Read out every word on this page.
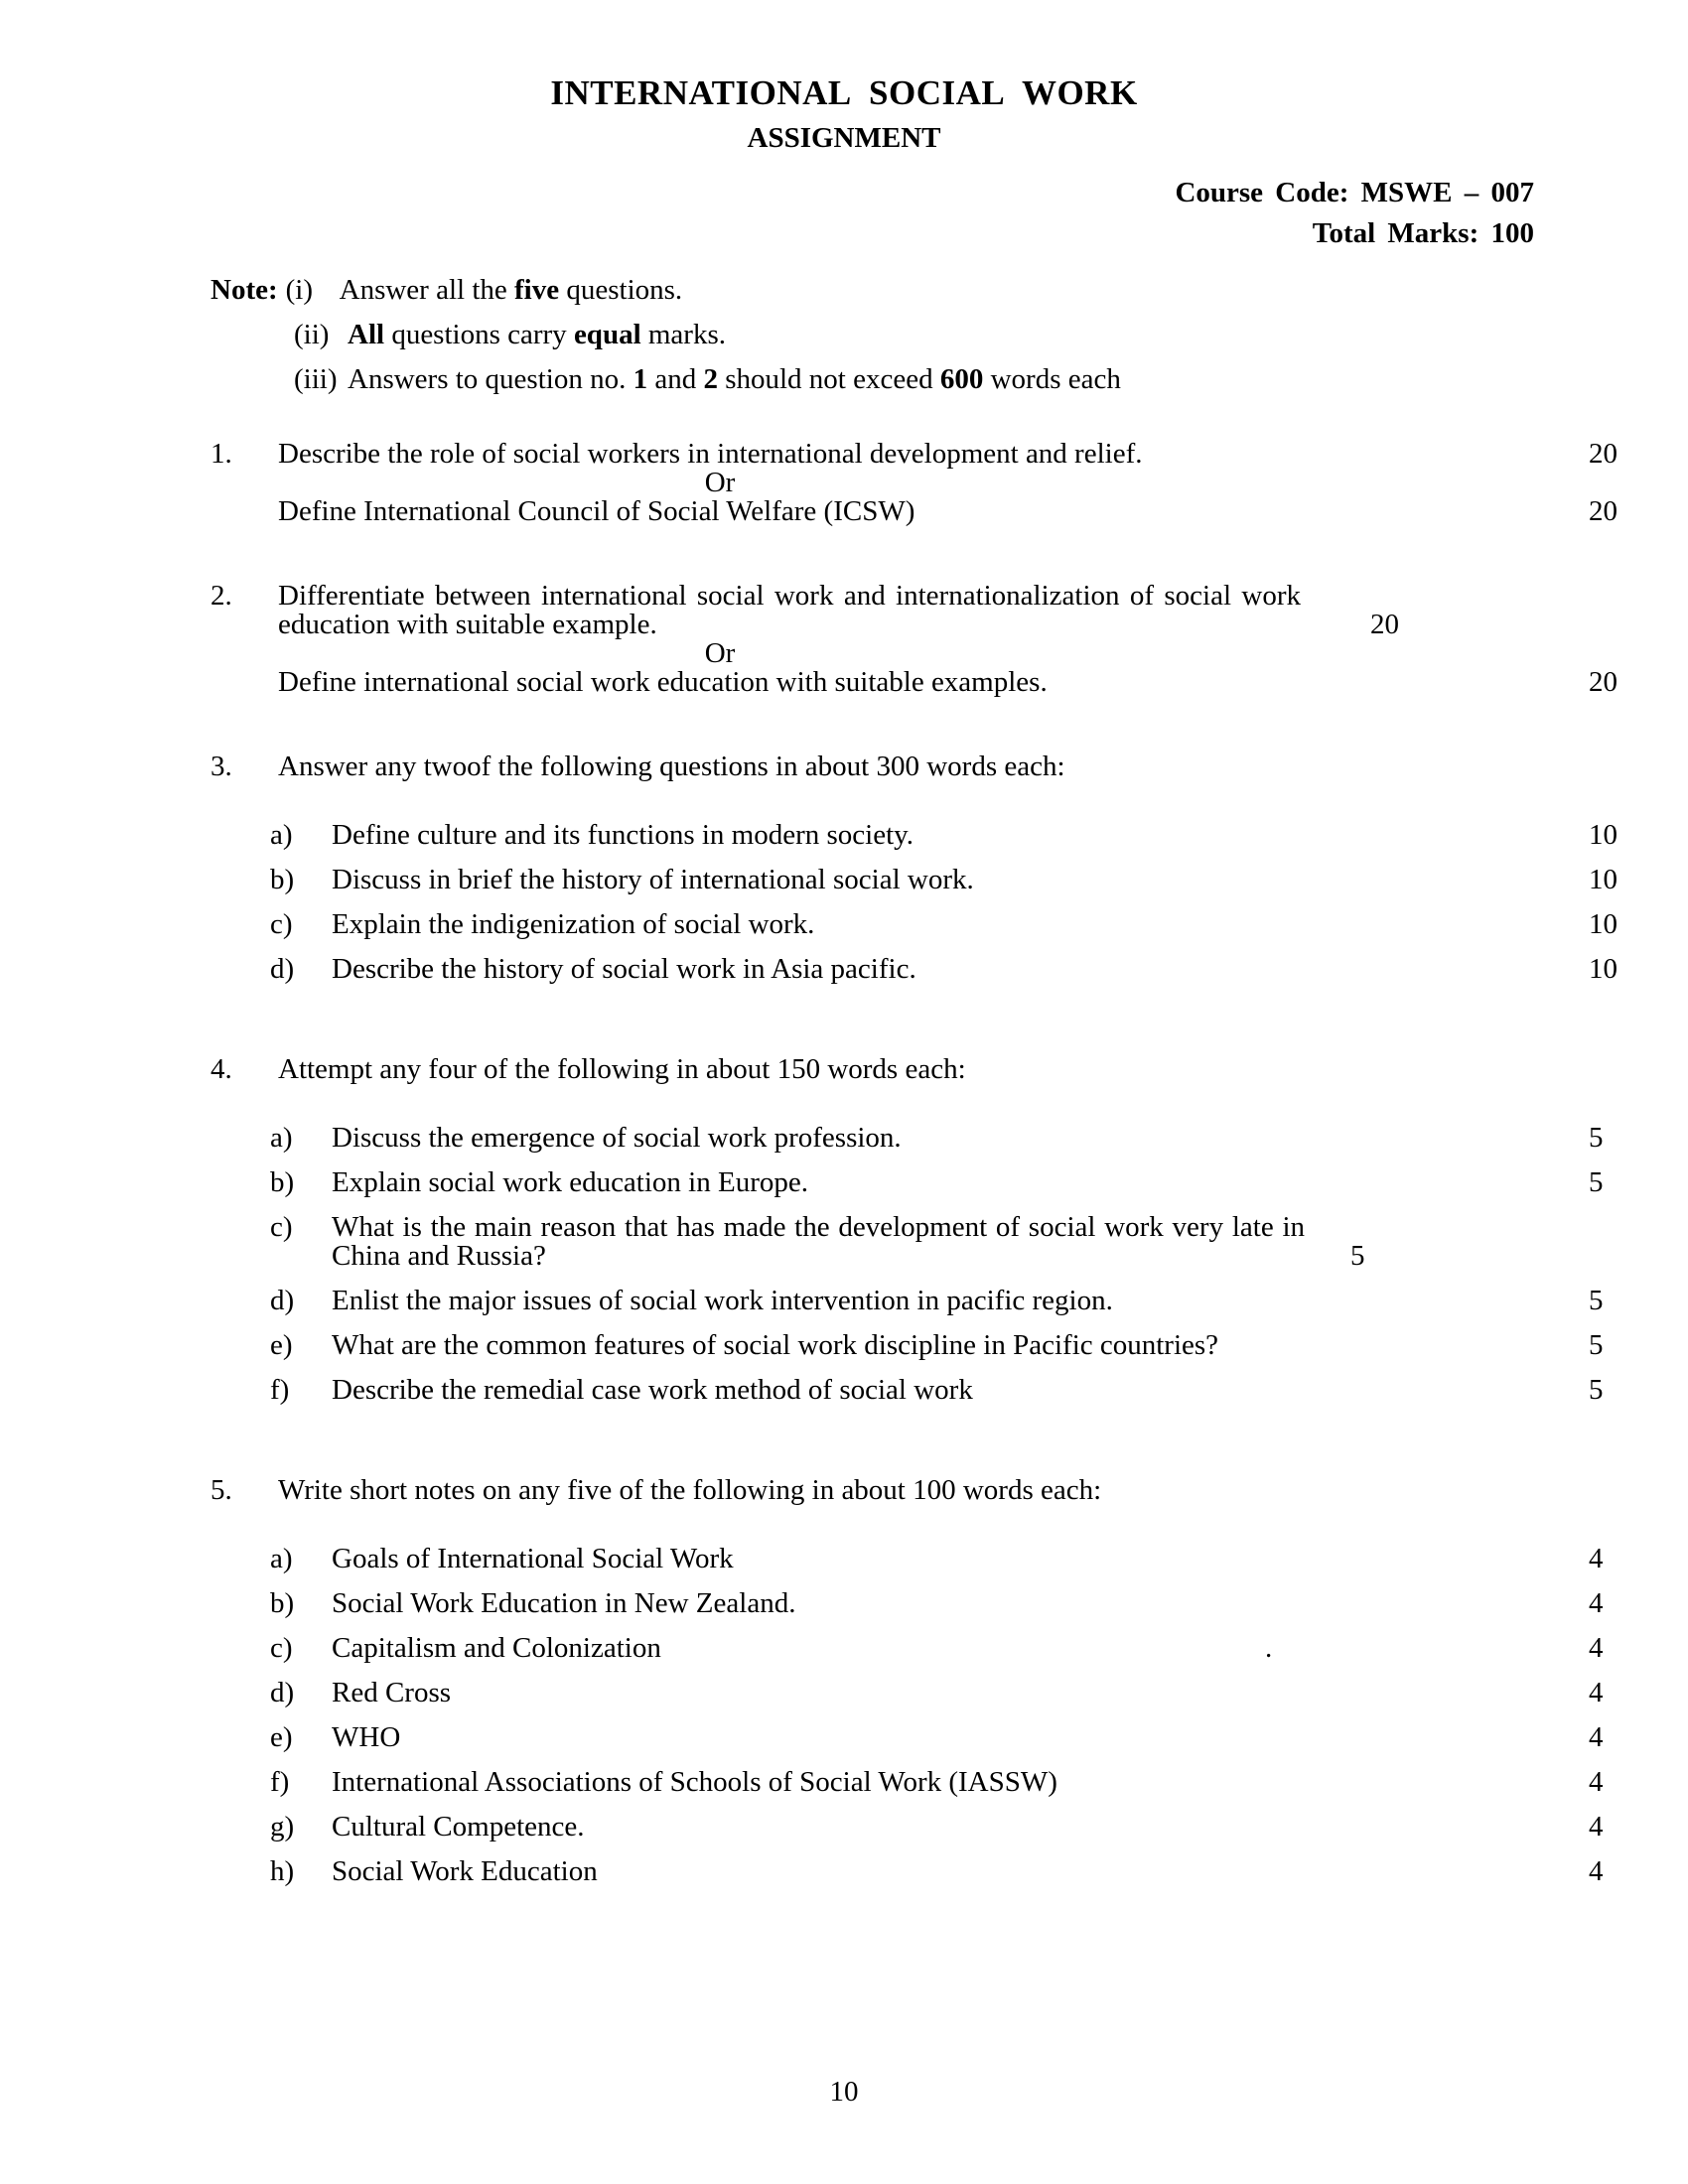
INTERNATIONAL SOCIAL WORK
ASSIGNMENT
Course Code: MSWE – 007
Total Marks: 100
Note: (i) Answer all the five questions.
(ii) All questions carry equal marks.
(iii) Answers to question no. 1 and 2 should not exceed 600 words each
1.	Describe the role of social workers in international development and relief.	20
Or
Define International Council of Social Welfare (ICSW)	20
2.	Differentiate between international social work and internationalization of social work education with suitable example.	20
Or
Define international social work education with suitable examples.	20
3.	Answer any twoof the following questions in about 300 words each:
a)	Define culture and its functions in modern society.	10
b)	Discuss in brief the history of international social work.	10
c)	Explain the indigenization of social work.	10
d)	Describe the history of social work in Asia pacific.	10
4.	Attempt any four of the following in about 150 words each:
a)	Discuss the emergence of social work profession.	5
b)	Explain social work education in Europe.	5
c)	What is the main reason that has made the development of social work very late in China and Russia?	5
d)	Enlist the major issues of social work intervention in pacific region.	5
e)	What are the common features of social work discipline in Pacific countries?	5
f)	Describe the remedial case work method of social work	5
5.	Write short notes on any five of the following in about 100 words each:
a)	Goals of International Social Work	4
b)	Social Work Education in New Zealand.	4
c)	Capitalism and Colonization	.	4
d)	Red Cross	4
e)	WHO	4
f)	International Associations of Schools of Social Work (IASSW)	4
g)	Cultural Competence.	4
h)	Social Work Education	4
10
